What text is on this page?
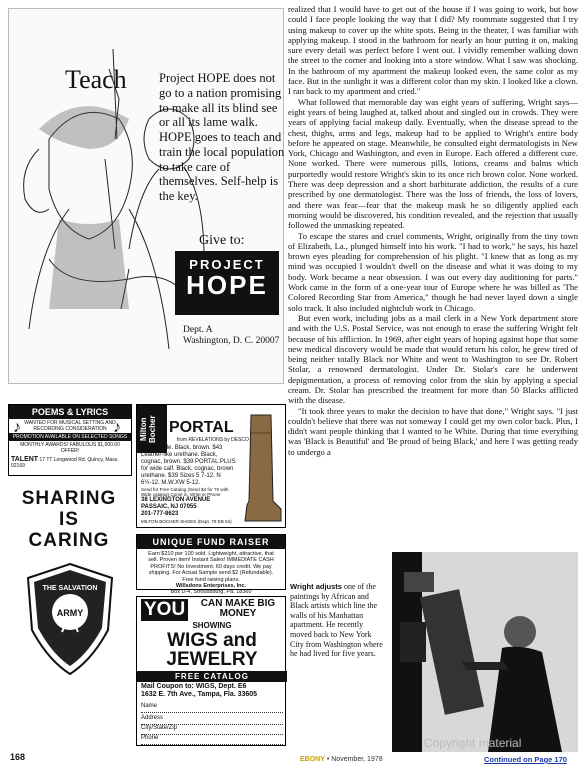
Teach	Project HOPE does not go to a nation promising to make all its blind see or all its lame walk. HOPE goes to teach and train the local population to take care of themselves. Self-help is the key.
Give to:
PROJECT
HOPE
Dept. A
Washington, D. C. 20007

realized that I would have to get out of the house if I was going to work, but how could I face people looking the way that I did? My roommate suggested that I try using makeup to cover up the white spots. Being in the theater, I was familiar with applying makeup. I stood in the bathroom for nearly an hour putting it on, making sure every detail was perfect before I went out. I vividly remember walking down the street to the corner and looking into a store window. What I saw was shocking. In the bathroom of my apartment the makeup looked even, the same color as my face. But in the sunlight it was a different color than my skin. I looked like a clown. I ran back to my apartment and cried."

What followed that memorable day was eight years of suffering, Wright says—eight years of being laughed at, talked about and singled out in crowds. They were years of applying facial makeup daily. Eventually, when the disease spread to the chest, thighs, arms and legs, makeup had to be applied to Wright's entire body before he appeared on stage. Meanwhile, he consulted eight dermatologists in New York, Chicago and Washington, and even in Europe. Each offered a different cure. None worked. There were numerous pills, lotions, creams and balms which purportedly would restore Wright's skin to its once rich brown color. None worked. There was deep depression and a short barbiturate addiction, the results of a cure prescribed by one dermatologist. There was the loss of friends, the loss of lovers, and there was fear—fear that the makeup mask he so diligently applied each morning would be discovered, his condition revealed, and the rejection that usually followed the unmasking repeated.

To escape the stares and cruel comments, Wright, originally from the tiny town of Elizabeth, La., plunged himself into his work. "I had to work," he says, his hazel brown eyes pleading for comprehension of his plight. "I knew that as long as my mind was occupied I wouldn't dwell on the disease and what it was doing to my body. Work became a near obsession. I was out every day auditioning for parts." Work came in the form of a one-year tour of Europe where he was billed as 'The Colored Recording Star from America," though he had never layed down a single solo track. It also included nightclub work in Chicago.

But even work, including jobs as a mail clerk in a New York department store and with the U.S. Postal Service, was not enough to erase the suffering Wright felt because of his affliction. In 1969, after eight years of hoping against hope that some new medical discovery would be made that would return his color, he grew tired of being neither totally Black nor White and went to Washington to see Dr. Robert Stolar, a renowned dermatologist. Under Dr. Stolar's care he underwent depigmentation, a process of removing color from the skin by applying a special cream. Dr. Stolar has prescribed the treatment for more than 50 Blacks afflicted with the disease.

"It took three years to make the decision to have that done," Wright says. "I just couldn't believe that there was not someway I could get my own color back. Plus, I didn't want people thinking that I wanted to be White. During that time everything was 'Black is Beautiful' and 'Be proud of being Black,' and here I was getting ready to undergo a

POEMS & LYRICS
WANTED FOR MUSICAL SETTING AND RECORDING CONSIDERATION
PROMOTION AVAILABLE ON SELECTED SONGS
MONTHLY AWARDS! FABULOUS $1,000.00 OFFER!
TALENT 17 TT Longwood Rd. Quincy, Mass. 02169
♪	♪
SHARING IS
CARING
THE SALVATION
ARMY
Milton Bocher PORTAL
from REVELATIONS by DESCO
Real suede. Black, brown. $43 Leather-like urethane. Black, cognac, brown. $39 PORTAL PLUS for wide calf. Black, cognac, brown urethane. $39 Sizes 5 7-12. N 6½-12. M.W.XW 5-12.
Send for Free Catalog (Send $4 for 70 with Wide catalog) Come in, Write or Phone
38 LEXINGTON AVENUE
PASSAIC, NJ 07055
201-777-8623
MILTON BOCHER SHOES (Dept. 78 EB 64)
UNIQUE FUND RAISER
Earn $210 per 100 sold. Lightweight, attractive, that sell. Proven item! Instant Sales! IMMEDIATE CASH PROFITS! No Investment. 60 days credit. We pay shipping. For Actual Sample send $2 (Refundable). Free fund raising plans.
Willsdons Enterprises, Inc.
Box D-4, Stroudsburg, Pa. 18360
YOU	CAN MAKE BIG MONEY
SHOWING
WIGS and
JEWELRY
FREE CATALOG
Mail Coupon to: WIGS, Dept. E6
1632 E. 7th Ave., Tampa, Fla. 33605
Name
Address
City/State/Zip
Phone
Wright adjusts one of the paintings by African and Black artists which line the walls of his Manhattan apartment. He recently moved back to New York City from Washington where he had lived for five years.
Copyright material
168	EBONY • November, 1978	Continued on Page 170
